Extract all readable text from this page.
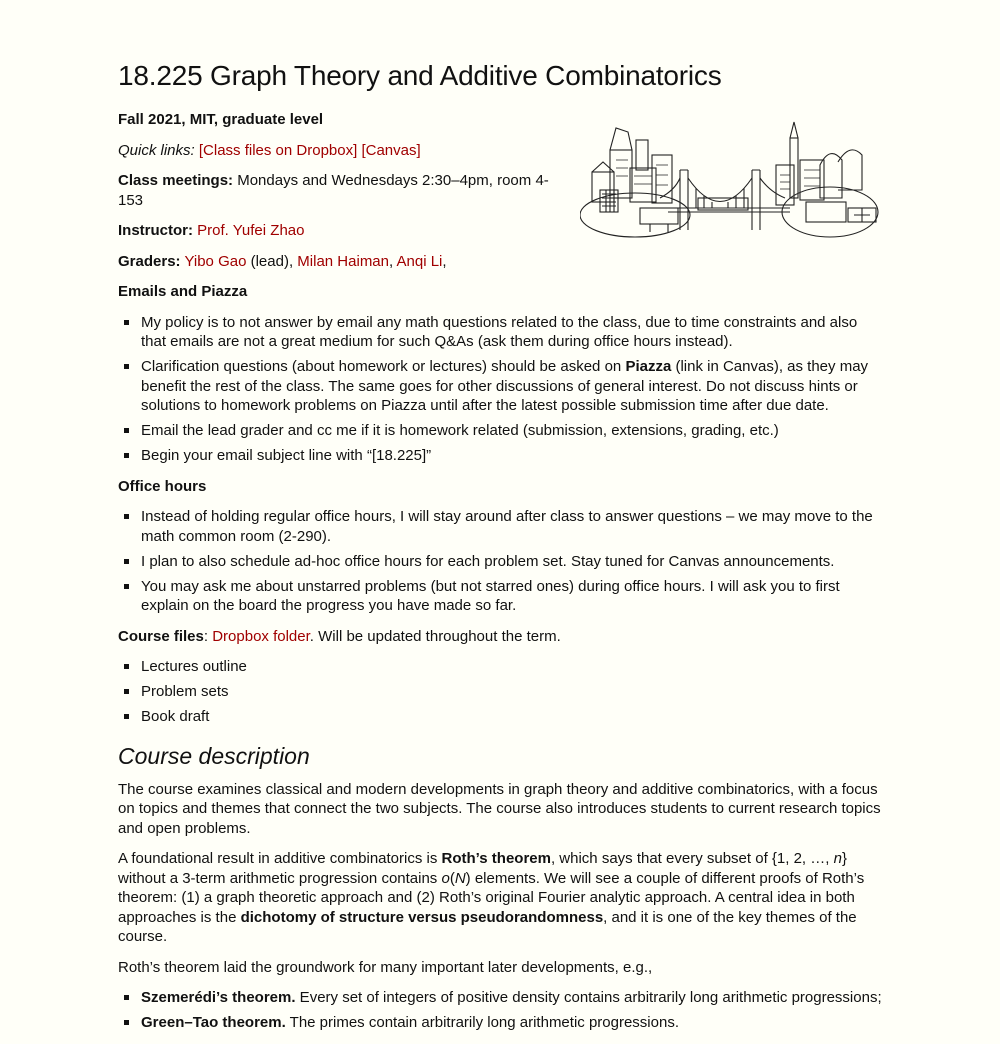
18.225 Graph Theory and Additive Combinatorics

Fall 2021, MIT, graduate level

Quick links: [Class files on Dropbox] [Canvas]

Class meetings: Mondays and Wednesdays 2:30–4pm, room 4-153

Instructor: Prof. Yufei Zhao

Graders: Yibo Gao (lead), Milan Haiman, Anqi Li,

Emails and Piazza

My policy is to not answer by email any math questions related to the class, due to time constraints and also that emails are not a great medium for such Q&As (ask them during office hours instead).
Clarification questions (about homework or lectures) should be asked on Piazza (link in Canvas), as they may benefit the rest of the class. The same goes for other discussions of general interest. Do not discuss hints or solutions to homework problems on Piazza until after the latest possible submission time after due date.
Email the lead grader and cc me if it is homework related (submission, extensions, grading, etc.)
Begin your email subject line with “[18.225]”

Office hours

Instead of holding regular office hours, I will stay around after class to answer questions – we may move to the math common room (2-290).
I plan to also schedule ad-hoc office hours for each problem set. Stay tuned for Canvas announcements.
You may ask me about unstarred problems (but not starred ones) during office hours. I will ask you to first explain on the board the progress you have made so far.

Course files: Dropbox folder. Will be updated throughout the term.

Lectures outline
Problem sets
Book draft
Course description

The course examines classical and modern developments in graph theory and additive combinatorics, with a focus on topics and themes that connect the two subjects. The course also introduces students to current research topics and open problems.

A foundational result in additive combinatorics is Roth’s theorem, which says that every subset of {1, 2, …, n} without a 3-term arithmetic progression contains o(N) elements. We will see a couple of different proofs of Roth’s theorem: (1) a graph theoretic approach and (2) Roth’s original Fourier analytic approach. A central idea in both approaches is the dichotomy of structure versus pseudorandomness, and it is one of the key themes of the course.

Roth’s theorem laid the groundwork for many important later developments, e.g.,

Szemerédi’s theorem. Every set of integers of positive density contains arbitrarily long arithmetic progressions;
Green–Tao theorem. The primes contain arbitrarily long arithmetic progressions.
